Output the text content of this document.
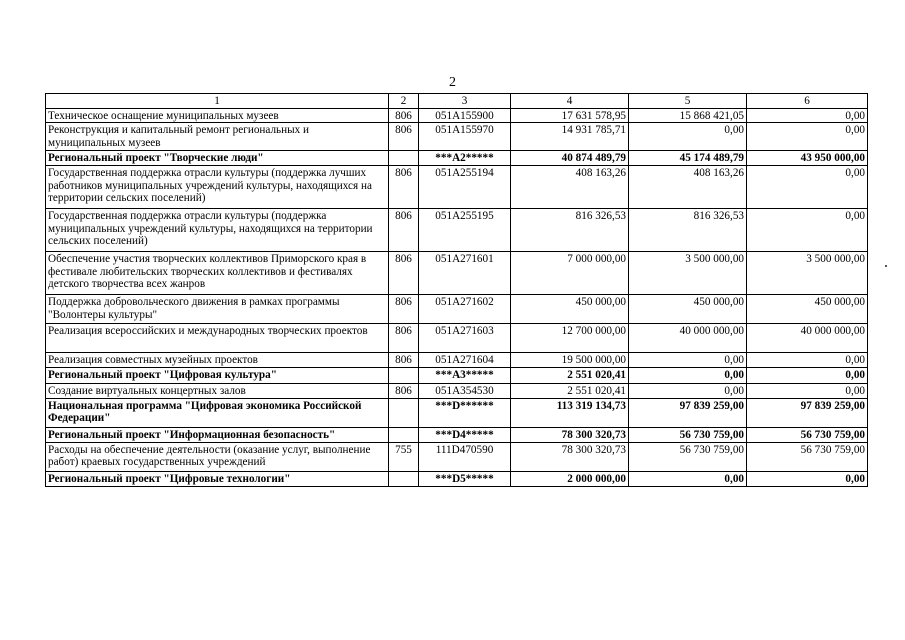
2
1	2	3	4	5	6
Техническое оснащение муниципальных музеев	806	051A155900	17 631 578,95	15 868 421,05	0,00
Реконструкция и капитальный ремонт региональных и муниципальных музеев	806	051A155970	14 931 785,71	0,00	0,00
Региональный проект "Творческие люди"		***A2*****	40 874 489,79	45 174 489,79	43 950 000,00
Государственная поддержка отрасли культуры (поддержка лучших работников муниципальных учреждений культуры, находящихся на территории сельских поселений)	806	051A255194	408 163,26	408 163,26	0,00
Государственная поддержка отрасли культуры (поддержка муниципальных учреждений культуры, находящихся на территории сельских поселений)	806	051A255195	816 326,53	816 326,53	0,00
Обеспечение участия творческих коллективов Приморского края в фестивале любительских творческих коллективов и фестивалях детского творчества всех жанров	806	051A271601	7 000 000,00	3 500 000,00	3 500 000,00
Поддержка добровольческого движения в рамках программы "Волонтеры культуры"	806	051A271602	450 000,00	450 000,00	450 000,00
Реализация всероссийских и международных творческих проектов	806	051A271603	12 700 000,00	40 000 000,00	40 000 000,00
Реализация совместных музейных проектов	806	051A271604	19 500 000,00	0,00	0,00
Региональный проект "Цифровая культура"		***A3*****	2 551 020,41	0,00	0,00
Создание виртуальных концертных залов	806	051A354530	2 551 020,41	0,00	0,00
Национальная программа "Цифровая экономика Российской Федерации"		***D******	113 319 134,73	97 839 259,00	97 839 259,00
Региональный проект "Информационная безопасность"		***D4*****	78 300 320,73	56 730 759,00	56 730 759,00
Расходы на обеспечение деятельности (оказание услуг, выполнение работ) краевых государственных учреждений	755	111D470590	78 300 320,73	56 730 759,00	56 730 759,00
Региональный проект "Цифровые технологии"		***D5*****	2 000 000,00	0,00	0,00
